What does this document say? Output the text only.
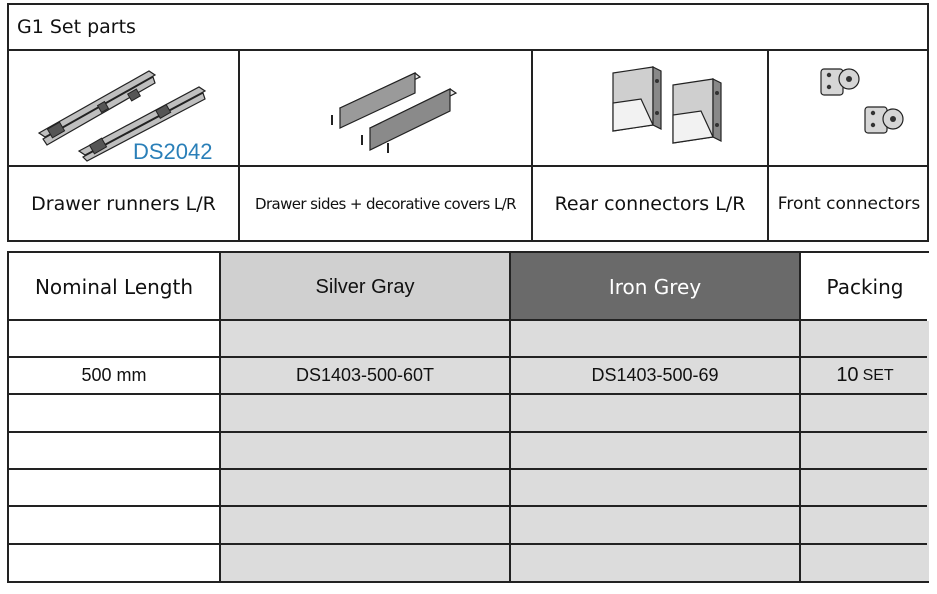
G1 Set parts
DS2042
Drawer runners L/R	Drawer sides + decorative covers L/R	Rear connectors L/R	Front connectors
Nominal Length	Silver Gray	Iron Grey	Packing
500 mm	DS1403-500-60T	DS1403-500-69	10 SET
